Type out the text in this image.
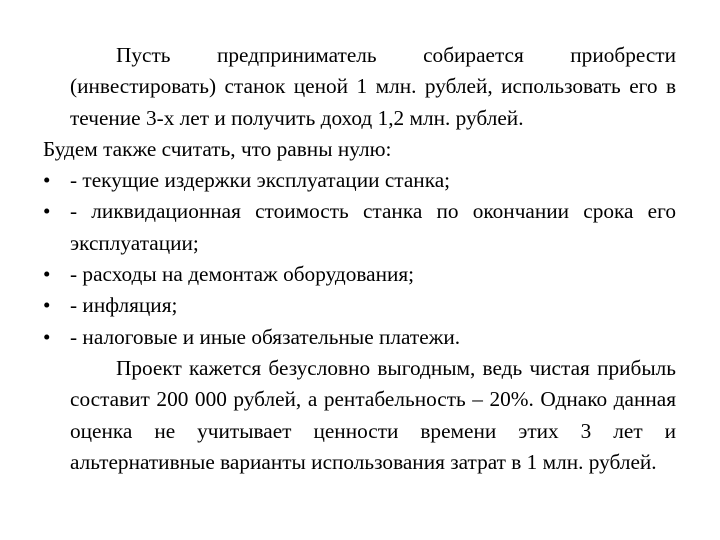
Пусть предприниматель собирается приобрести (инвестировать) станок ценой 1 млн. рублей, использовать его в течение 3-х лет и получить доход 1,2 млн. рублей.

Будем также считать, что равны нулю:

• - текущие издержки эксплуатации станка;
• - ликвидационная стоимость станка по окончании срока его эксплуатации;
• - расходы на демонтаж оборудования;
• - инфляция;
• - налоговые и иные обязательные платежи.

Проект кажется безусловно выгодным, ведь чистая прибыль составит 200 000 рублей, а рентабельность – 20%. Однако данная оценка не учитывает ценности времени этих 3 лет и альтернативные варианты использования затрат в 1 млн. рублей.
